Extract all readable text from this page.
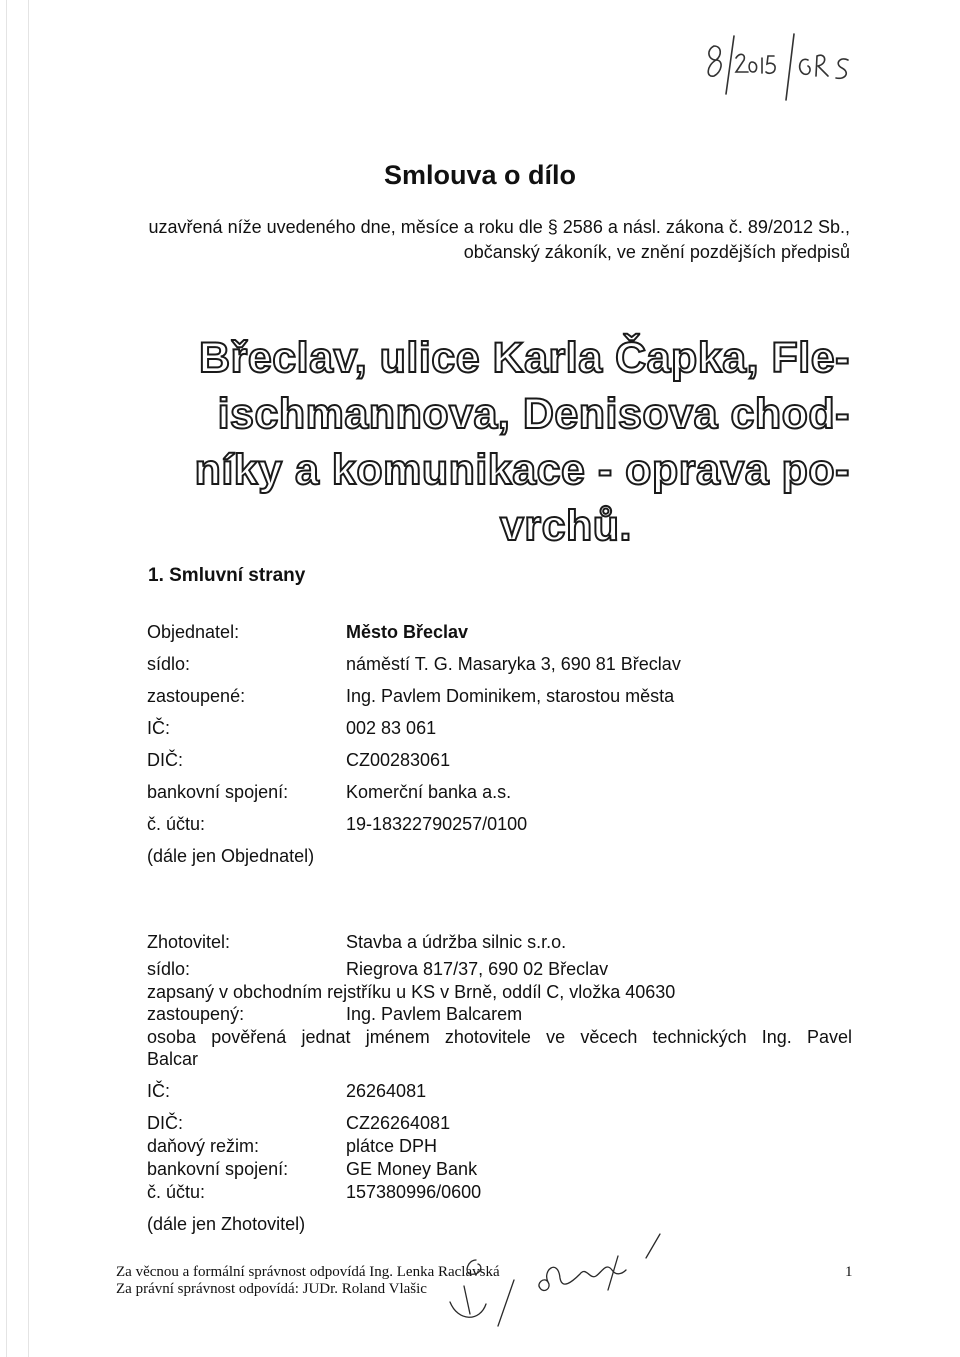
Smlouva o dílo
uzavřená níže uvedeného dne, měsíce a roku dle § 2586 a násl. zákona č. 89/2012 Sb., občanský zákoník, ve znění pozdějších předpisů
Břeclav, ulice Karla Čapka, Fle-
ischmannova, Denisova chod-
níky a komunikace - oprava po-
vrchů.
1. Smluvní strany
Objednatel:	Město Břeclav
sídlo:	náměstí T. G. Masaryka 3, 690 81 Břeclav
zastoupené:	Ing. Pavlem Dominikem, starostou města
IČ:	002 83 061
DIČ:	CZ00283061
bankovní spojení:	Komerční banka a.s.
č. účtu:	19-18322790257/0100
(dále jen Objednatel)
Zhotovitel:	Stavba a údržba silnic s.r.o.
sídlo:	Riegrova 817/37, 690 02 Břeclav
zapsaný v obchodním rejstříku u KS v Brně, oddíl C, vložka 40630
zastoupený:	Ing. Pavlem Balcarem
osoba pověřená jednat jménem zhotovitele ve věcech technických Ing. Pavel
Balcar
IČ:	26264081
DIČ:	CZ26264081
daňový režim:	plátce DPH
bankovní spojení:	GE Money Bank
č. účtu:	157380996/0600
(dále jen Zhotovitel)
Za věcnou a formální správnost odpovídá Ing. Lenka Raclavská
Za právní správnost odpovídá: JUDr. Roland Vlašic
1
